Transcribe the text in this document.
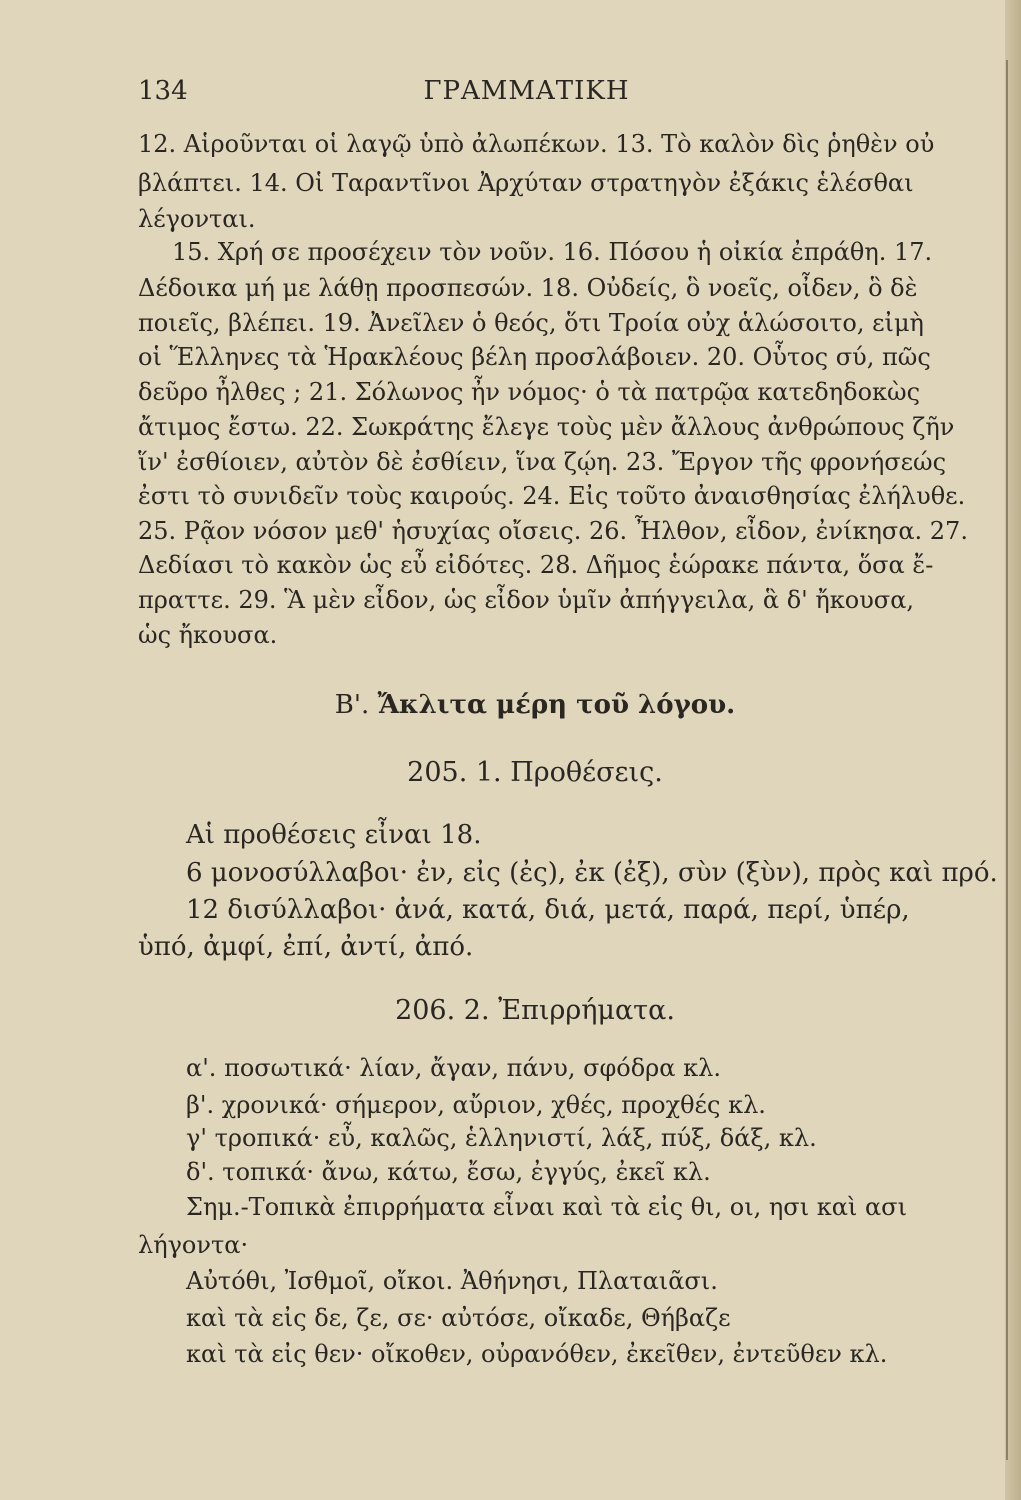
134	ΓΡΑΜΜΑΤΙΚΗ
12. Αἱροῦνται οἱ λαγῷ ὑπὸ ἀλωπέκων. 13. Τὸ καλὸν δὶς ῥηθὲν οὐ
βλάπτει. 14. Οἱ Ταραντῖνοι Ἀρχύταν στρατηγὸν ἐξάκις ἑλέσθαι
λέγονται.
15. Χρή σε προσέχειν τὸν νοῦν. 16. Πόσου ἡ οἰκία ἐπράθη. 17.
Δέδοικα μή με λάθῃ προσπεσών. 18. Οὐδείς, ὃ νοεῖς, οἶδεν, ὃ δὲ
ποιεῖς, βλέπει. 19. Ἀνεῖλεν ὁ θεός, ὅτι Τροία οὐχ ἁλώσοιτο, εἰμὴ
οἱ Ἕλληνες τὰ Ἡρακλέους βέλη προσλάβοιεν. 20. Οὗτος σύ, πῶς
δεῦρο ἦλθες ; 21. Σόλωνος ἦν νόμος· ὁ τὰ πατρῷα κατεδηδοκὼς
ἄτιμος ἔστω. 22. Σωκράτης ἔλεγε τοὺς μὲν ἄλλους ἀνθρώπους ζῆν
ἵν' ἐσθίοιεν, αὐτὸν δὲ ἐσθίειν, ἵνα ζῴη. 23. Ἔργον τῆς φρονήσεώς
ἐστι τὸ συνιδεῖν τοὺς καιρούς. 24. Εἰς τοῦτο ἀναισθησίας ἐλήλυθε.
25. Ρᾷον νόσον μεθ' ἡσυχίας οἴσεις. 26. Ἦλθον, εἶδον, ἐνίκησα. 27.
Δεδίασι τὸ κακὸν ὡς εὖ εἰδότες. 28. Δῆμος ἑώρακε πάντα, ὅσα ἔ-
πραττε. 29. Ἃ μὲν εἶδον, ὡς εἶδον ὑμῖν ἀπήγγειλα, ἃ δ' ἤκουσα,
ὡς ἤκουσα.
Β'. Ἄκλιτα μέρη τοῦ λόγου.
205. 1. Προθέσεις.
Αἱ προθέσεις εἶναι 18.
6 μονοσύλλαβοι· ἐν, εἰς (ἐς), ἐκ (ἐξ), σὺν (ξὺν), πρὸς καὶ πρό.
12 δισύλλαβοι· ἀνά, κατά, διά, μετά, παρά, περί, ὑπέρ,
ὑπό, ἀμφί, ἐπί, ἀντί, ἀπό.
206. 2. Ἐπιρρήματα.
α'. ποσωτικά· λίαν, ἄγαν, πάνυ, σφόδρα κλ.
β'. χρονικά· σήμερον, αὔριον, χθές, προχθές κλ.
γ' τροπικά· εὖ, καλῶς, ἑλληνιστί, λάξ, πύξ, δάξ, κλ.
δ'. τοπικά· ἄνω, κάτω, ἔσω, ἐγγύς, ἐκεῖ κλ.
Σημ.-Τοπικὰ ἐπιρρήματα εἶναι καὶ τὰ εἰς θι, οι, ησι καὶ ασι
λήγοντα·
Αὐτόθι, Ἰσθμοῖ, οἴκοι. Ἀθήνησι, Πλαταιᾶσι.
καὶ τὰ εἰς δε, ζε, σε· αὐτόσε, οἴκαδε, Θήβαζε
καὶ τὰ εἰς θεν· οἴκοθεν, οὐρανόθεν, ἐκεῖθεν, ἐντεῦθεν κλ.
